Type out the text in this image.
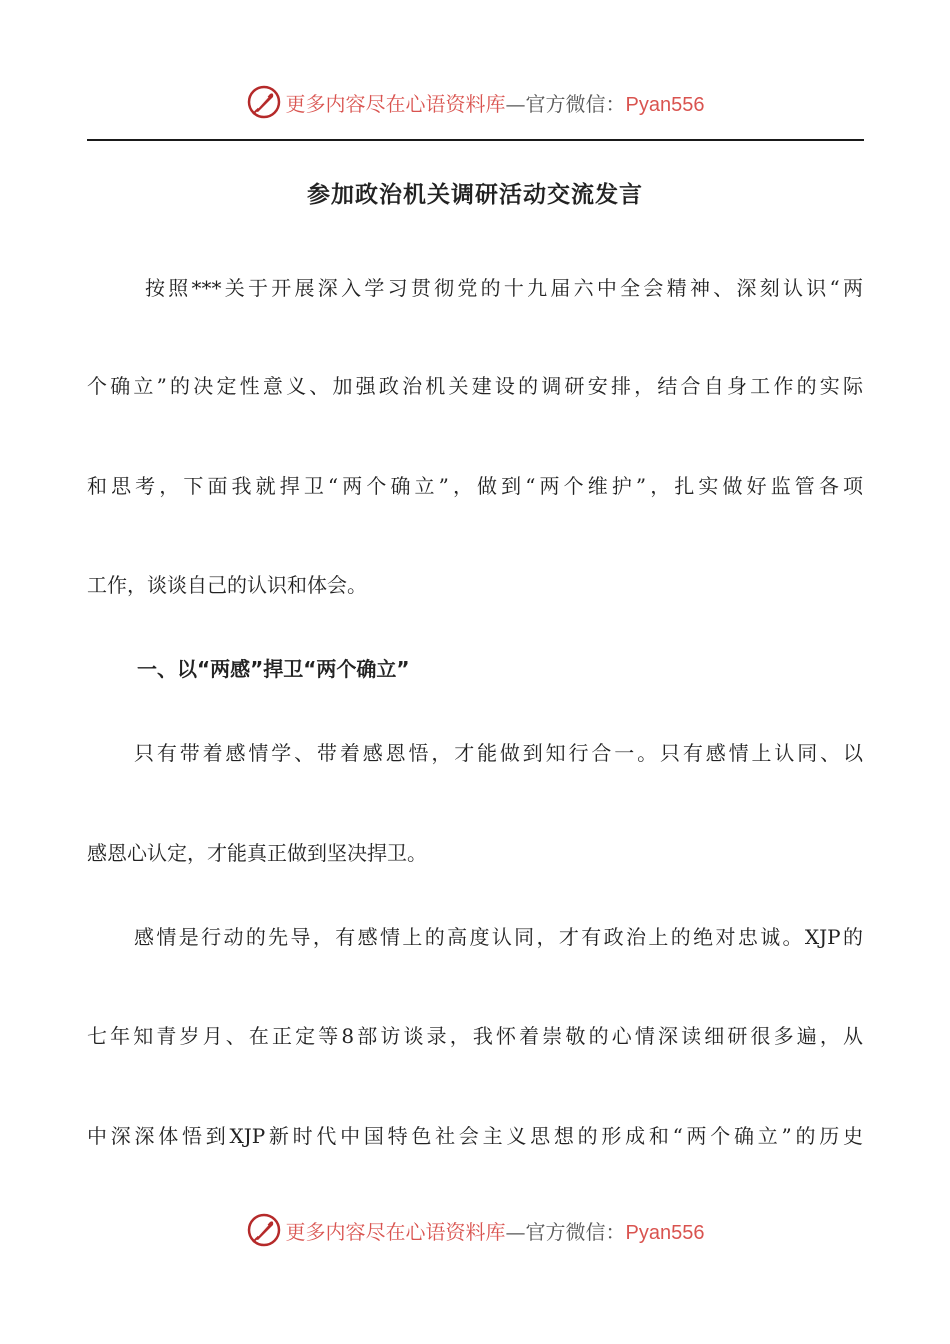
更多内容尽在心语资料库—官方微信：Pyan556
参加政治机关调研活动交流发言
按照***关于开展深入学习贯彻党的十九届六中全会精神、深刻认识“两
个确立”的决定性意义、加强政治机关建设的调研安排，结合自身工作的实际
和思考，下面我就捍卫“两个确立”，做到“两个维护”，扎实做好监管各项
工作，谈谈自己的认识和体会。
一、以“两感”捍卫“两个确立”
只有带着感情学、带着感恩悟，才能做到知行合一。只有感情上认同、以
感恩心认定，才能真正做到坚决捍卫。
感情是行动的先导，有感情上的高度认同，才有政治上的绝对忠诚。XJP的
七年知青岁月、在正定等8部访谈录，我怀着崇敬的心情深读细研很多遍，从
中深深体悟到XJP新时代中国特色社会主义思想的形成和“两个确立”的历史
更多内容尽在心语资料库—官方微信：Pyan556
